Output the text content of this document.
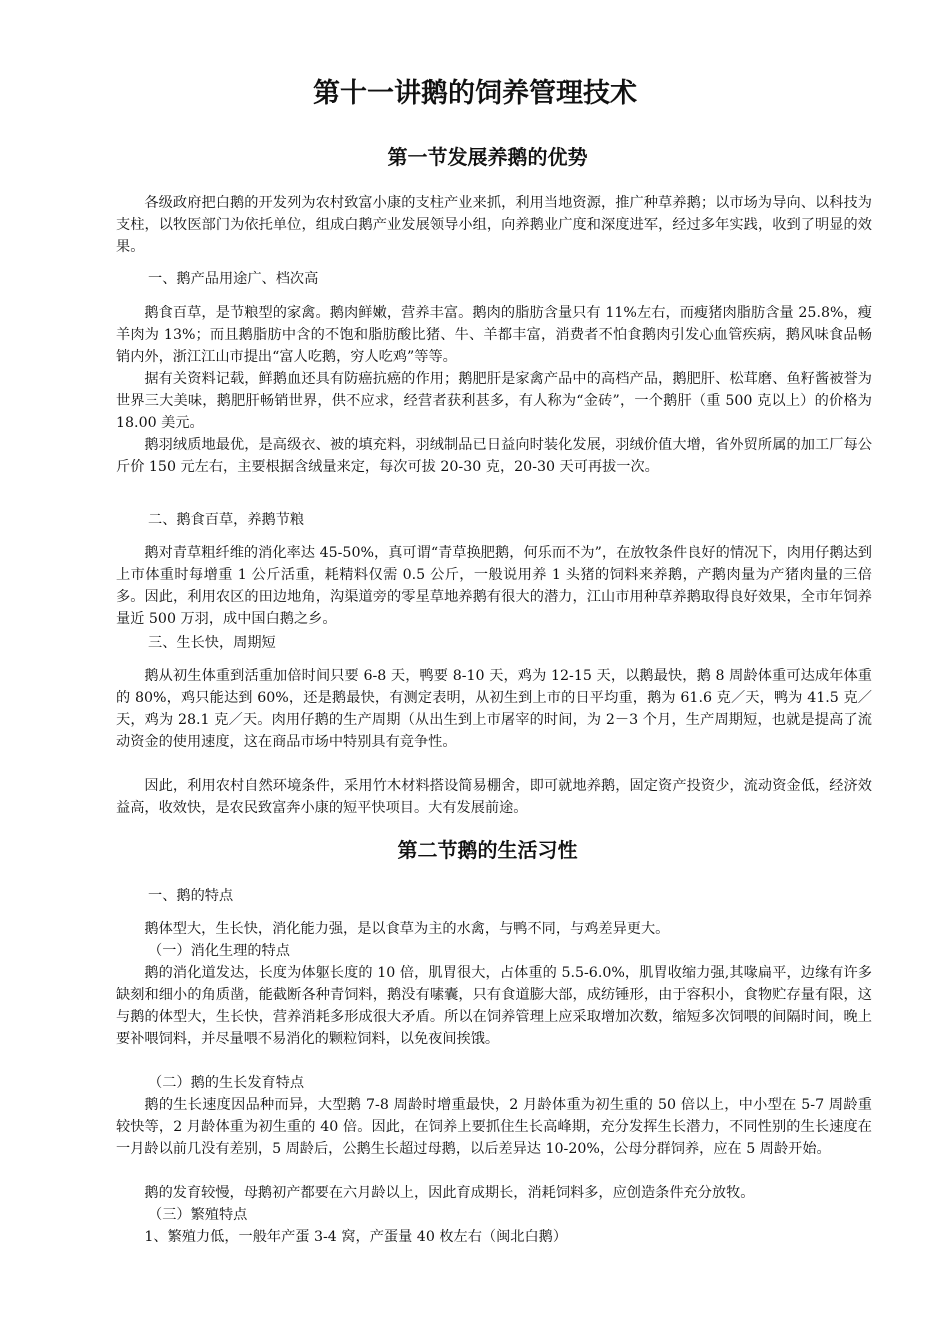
第十一讲鹅的饲养管理技术
第一节发展养鹅的优势

各级政府把白鹅的开发列为农村致富小康的支柱产业来抓，利用当地资源，推广种草养鹅；以市场为导向、以科技为支柱，以牧医部门为依托单位，组成白鹅产业发展领导小组，向养鹅业广度和深度进军，经过多年实践，收到了明显的效果。

一、鹅产品用途广、档次高

鹅食百草，是节粮型的家禽。鹅肉鲜嫩，营养丰富。鹅肉的脂肪含量只有 11%左右，而瘦猪肉脂肪含量 25.8%，瘦羊肉为 13%；而且鹅脂肪中含的不饱和脂肪酸比猪、牛、羊都丰富，消费者不怕食鹅肉引发心血管疾病，鹅风味食品畅销内外，浙江江山市提出“富人吃鹅，穷人吃鸡”等等。

据有关资料记载，鲜鹅血还具有防癌抗癌的作用；鹅肥肝是家禽产品中的高档产品，鹅肥肝、松茸磨、鱼籽酱被誉为世界三大美味，鹅肥肝畅销世界，供不应求，经营者获利甚多，有人称为“金砖”，一个鹅肝（重 500 克以上）的价格为 18.00 美元。

鹅羽绒质地最优，是高级衣、被的填充料，羽绒制品已日益向时装化发展，羽绒价值大增，省外贸所属的加工厂每公斤价 150 元左右，主要根据含绒量来定，每次可拔 20-30 克，20-30 天可再拔一次。

二、鹅食百草，养鹅节粮

鹅对青草粗纤维的消化率达 45-50%，真可谓“青草换肥鹅，何乐而不为”，在放牧条件良好的情况下，肉用仔鹅达到上市体重时每增重 1 公斤活重，耗精料仅需 0.5 公斤，一般说用养 1 头猪的饲料来养鹅，产鹅肉量为产猪肉量的三倍多。因此，利用农区的田边地角，沟渠道旁的零星草地养鹅有很大的潜力，江山市用种草养鹅取得良好效果，全市年饲养量近 500 万羽，成中国白鹅之乡。

三、生长快，周期短

鹅从初生体重到活重加倍时间只要 6-8 天，鸭要 8-10 天，鸡为 12-15 天，以鹅最快，鹅 8 周龄体重可达成年体重的 80%，鸡只能达到 60%，还是鹅最快，有测定表明，从初生到上市的日平均重，鹅为 61.6 克／天，鸭为 41.5 克／天，鸡为 28.1 克／天。肉用仔鹅的生产周期（从出生到上市屠宰的时间，为 2－3 个月，生产周期短，也就是提高了流动资金的使用速度，这在商品市场中特别具有竞争性。

因此，利用农村自然环境条件，采用竹木材料搭设简易棚舍，即可就地养鹅，固定资产投资少，流动资金低，经济效益高，收效快，是农民致富奔小康的短平快项目。大有发展前途。

第二节鹅的生活习性

一、鹅的特点

鹅体型大，生长快，消化能力强，是以食草为主的水禽，与鸭不同，与鸡差异更大。

（一）消化生理的特点

鹅的消化道发达，长度为体躯长度的 10 倍，肌胃很大，占体重的 5.5-6.0%，肌胃收缩力强,其喙扁平，边缘有许多缺刻和细小的角质凿，能截断各种青饲料，鹅没有嗉囊，只有食道膨大部，成纺锤形，由于容积小，食物贮存量有限，这与鹅的体型大，生长快，营养消耗多形成很大矛盾。所以在饲养管理上应采取增加次数，缩短多次饲喂的间隔时间，晚上要补喂饲料，并尽量喂不易消化的颗粒饲料，以免夜间挨饿。

（二）鹅的生长发育特点

鹅的生长速度因品种而异，大型鹅 7-8 周龄时增重最快，2 月龄体重为初生重的 50 倍以上，中小型在 5-7 周龄重较快等，2 月龄体重为初生重的 40 倍。因此，在饲养上要抓住生长高峰期，充分发挥生长潜力，不同性别的生长速度在一月龄以前几没有差别，5 周龄后，公鹅生长超过母鹅，以后差异达 10-20%，公母分群饲养，应在 5 周龄开始。

鹅的发育较慢，母鹅初产都要在六月龄以上，因此育成期长，消耗饲料多，应创造条件充分放牧。

（三）繁殖特点

1、繁殖力低，一般年产蛋 3-4 窝，产蛋量 40 枚左右（闽北白鹅）
